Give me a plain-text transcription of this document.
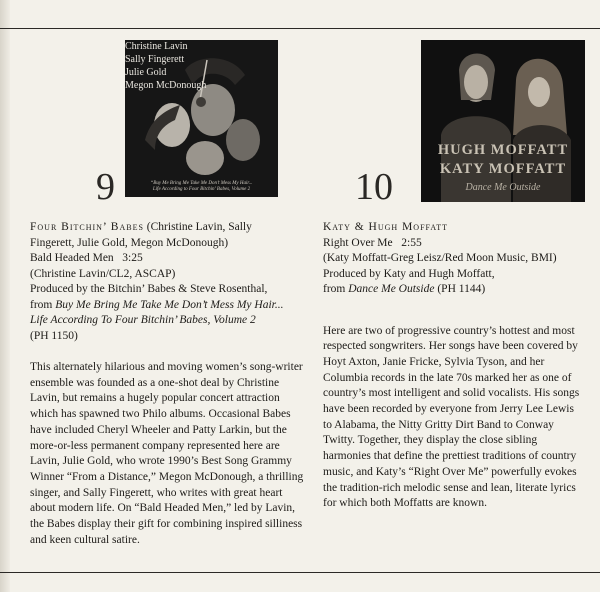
Christine Lavin
Sally Fingerett
Julie Gold
Megon McDonough
“Buy Me Bring Me Take Me Don’t Mess My Hair...
Life According to Four Bitchin’ Babes, Volume 2
9
Four Bitchin’ Babes (Christine Lavin, Sally
Fingerett, Julie Gold, Megon McDonough)
Bald Headed Men  3:25
(Christine Lavin/CL2, ASCAP)
Produced by the Bitchin’ Babes & Steve Rosenthal,
from Buy Me Bring Me Take Me Don’t Mess My Hair...
Life According To Four Bitchin’ Babes, Volume 2
(PH 1150)
This alternately hilarious and moving women’s song-writer ensemble was founded as a one-shot deal by Christine Lavin, but remains a hugely popular concert attraction which has spawned two Philo albums. Occasional Babes have included Cheryl Wheeler and Patty Larkin, but the more-or-less permanent company represented here are Lavin, Julie Gold, who wrote 1990’s Best Song Grammy Winner “From a Distance,” Megon McDonough, a thrilling singer, and Sally Fingerett, who writes with great heart about modern life. On “Bald Headed Men,” led by Lavin, the Babes display their gift for combining inspired silliness and keen cultural satire.
HUGH MOFFATT
KATY MOFFATT
Dance Me Outside
10
Katy & Hugh Moffatt
Right Over Me  2:55
(Katy Moffatt-Greg Leisz/Red Moon Music, BMI)
Produced by Katy and Hugh Moffatt,
from Dance Me Outside (PH 1144)
Here are two of progressive country’s hottest and most respected songwriters. Her songs have been covered by Hoyt Axton, Janie Fricke, Sylvia Tyson, and her Columbia records in the late 70s marked her as one of country’s most intelligent and solid vocalists. His songs have been recorded by everyone from Jerry Lee Lewis to Alabama, the Nitty Gritty Dirt Band to Conway Twitty. Together, they display the close sibling harmonies that define the prettiest traditions of country music, and Katy’s “Right Over Me” powerfully evokes the tradition-rich melodic sense and lean, literate lyrics for which both Moffatts are known.
